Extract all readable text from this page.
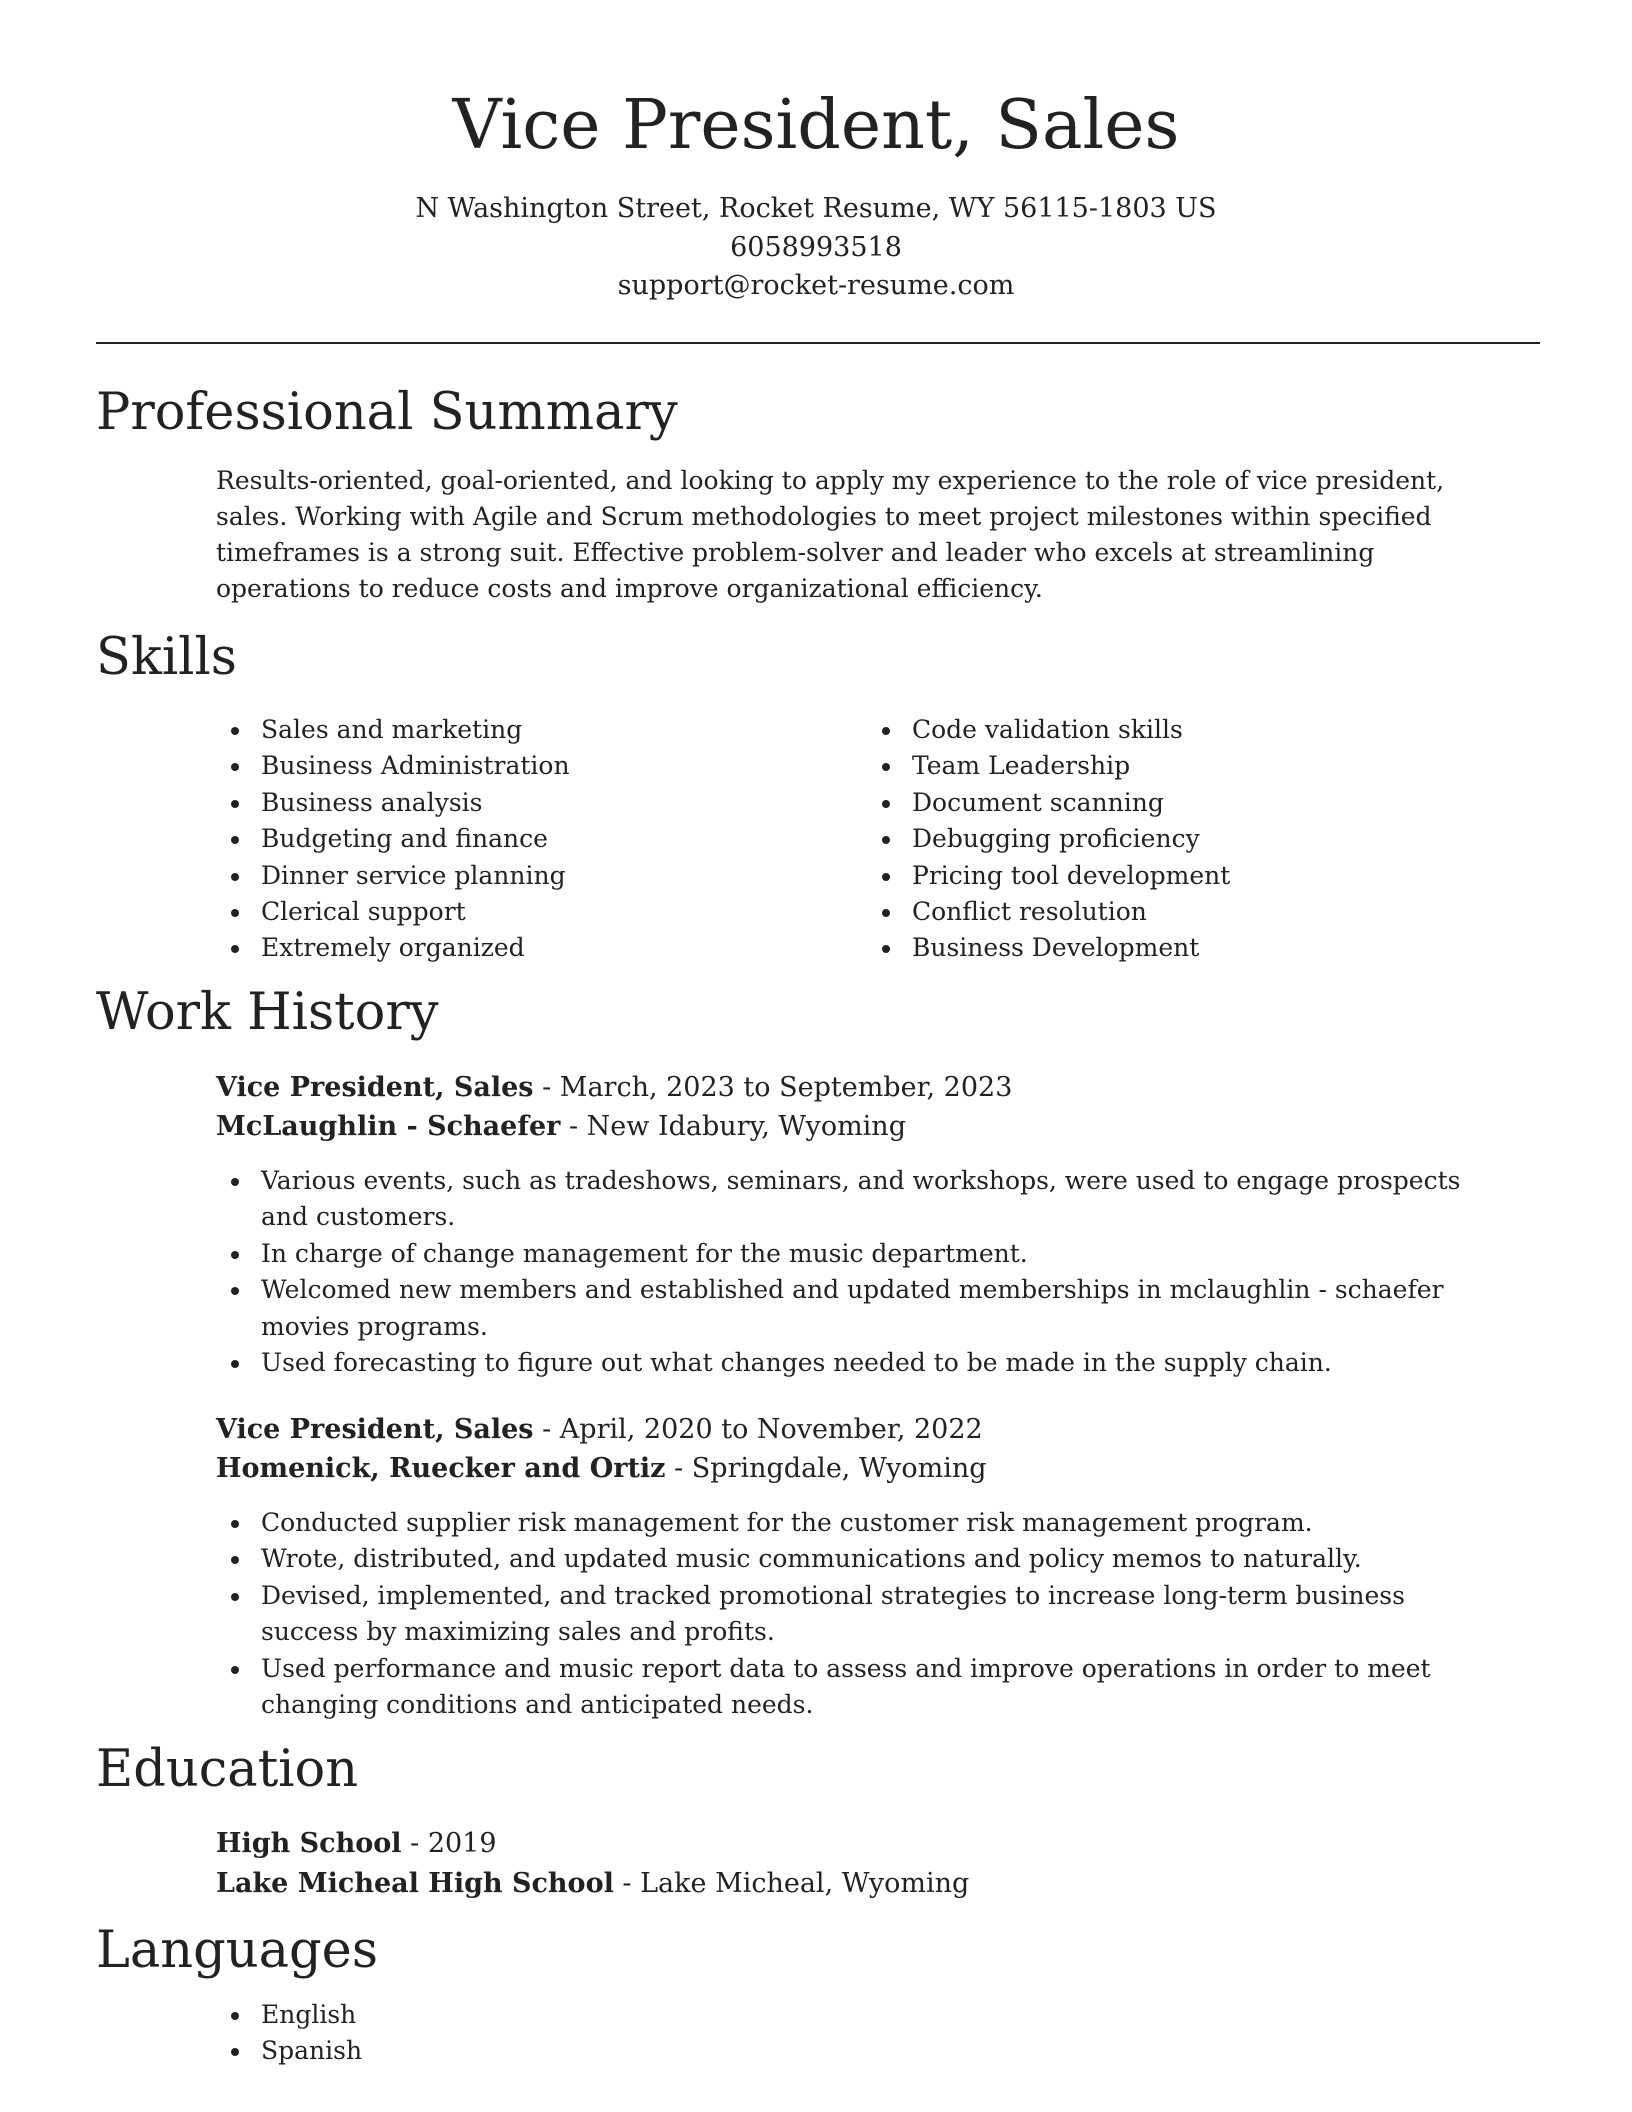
Vice President, Sales
N Washington Street, Rocket Resume, WY 56115-1803 US
6058993518
support@rocket-resume.com
Professional Summary

Results-oriented, goal-oriented, and looking to apply my experience to the role of vice president, sales. Working with Agile and Scrum methodologies to meet project milestones within specified timeframes is a strong suit. Effective problem-solver and leader who excels at streamlining operations to reduce costs and improve organizational efficiency.

Skills
Sales and marketing
Business Administration
Business analysis
Budgeting and finance
Dinner service planning
Clerical support
Extremely organized
Code validation skills
Team Leadership
Document scanning
Debugging proficiency
Pricing tool development
Conflict resolution
Business Development
Work History
Vice President, Sales - March, 2023 to September, 2023
McLaughlin - Schaefer - New Idabury, Wyoming
Various events, such as tradeshows, seminars, and workshops, were used to engage prospects and customers.
In charge of change management for the music department.
Welcomed new members and established and updated memberships in mclaughlin - schaefer movies programs.
Used forecasting to figure out what changes needed to be made in the supply chain.
Vice President, Sales - April, 2020 to November, 2022
Homenick, Ruecker and Ortiz - Springdale, Wyoming
Conducted supplier risk management for the customer risk management program.
Wrote, distributed, and updated music communications and policy memos to naturally.
Devised, implemented, and tracked promotional strategies to increase long-term business success by maximizing sales and profits.
Used performance and music report data to assess and improve operations in order to meet changing conditions and anticipated needs.
Education
High School - 2019
Lake Micheal High School - Lake Micheal, Wyoming
Languages
English
Spanish
